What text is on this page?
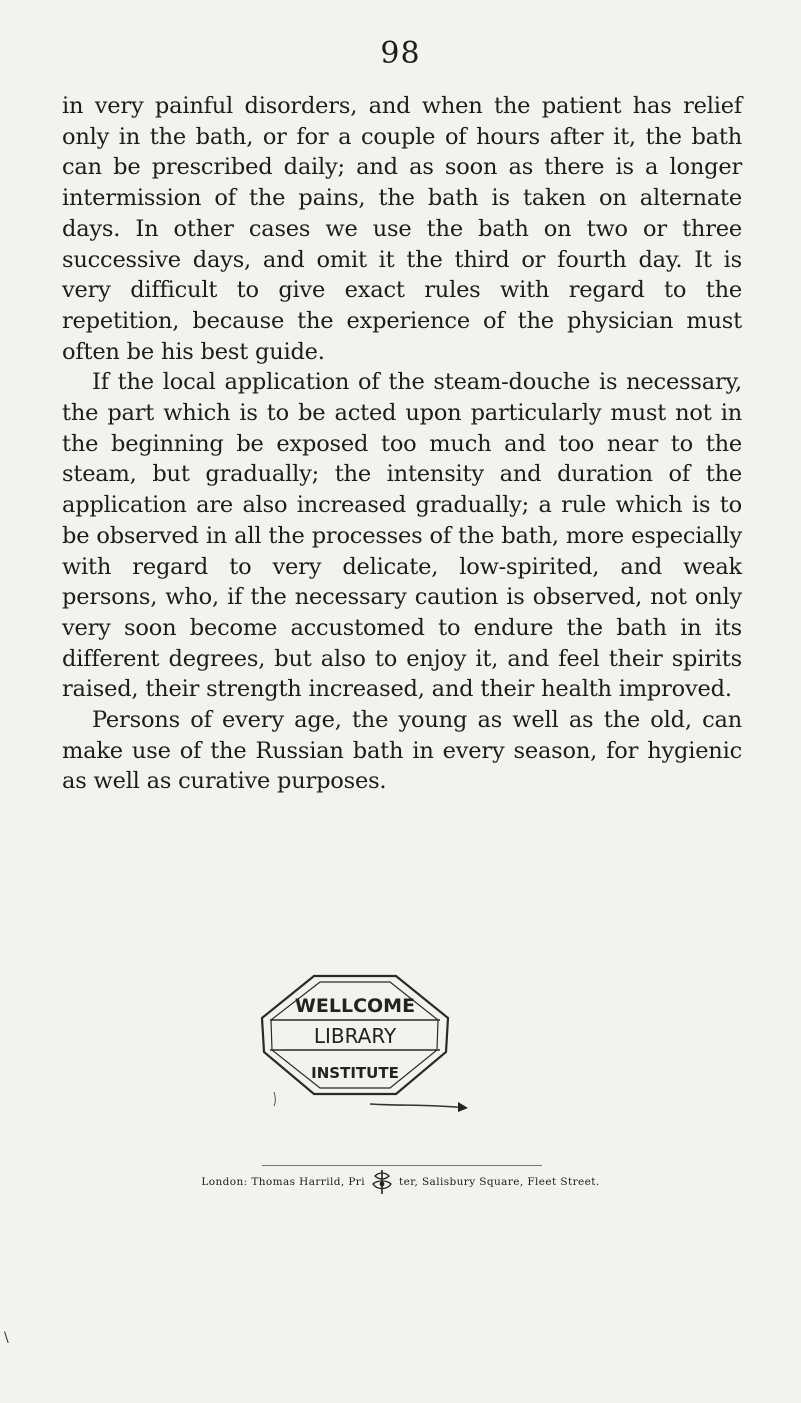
98

in very painful disorders, and when the patient has relief only in the bath, or for a couple of hours after it, the bath can be prescribed daily; and as soon as there is a longer intermission of the pains, the bath is taken on alternate days. In other cases we use the bath on two or three successive days, and omit it the third or fourth day. It is very difficult to give exact rules with regard to the repetition, because the experience of the physician must often be his best guide.

If the local application of the steam-douche is necessary, the part which is to be acted upon particularly must not in the beginning be exposed too much and too near to the steam, but gradually; the intensity and duration of the application are also increased gradually; a rule which is to be observed in all the processes of the bath, more especially with regard to very delicate, low-spirited, and weak persons, who, if the necessary caution is observed, not only very soon become accustomed to endure the bath in its different degrees, but also to enjoy it, and feel their spirits raised, their strength increased, and their health improved.

Persons of every age, the young as well as the old, can make use of the Russian bath in every season, for hygienic as well as curative purposes.

WELLCOME
LIBRARY
INSTITUTE
London: Thomas Harrild, Pri	ter, Salisbury Square, Fleet Street.
\
